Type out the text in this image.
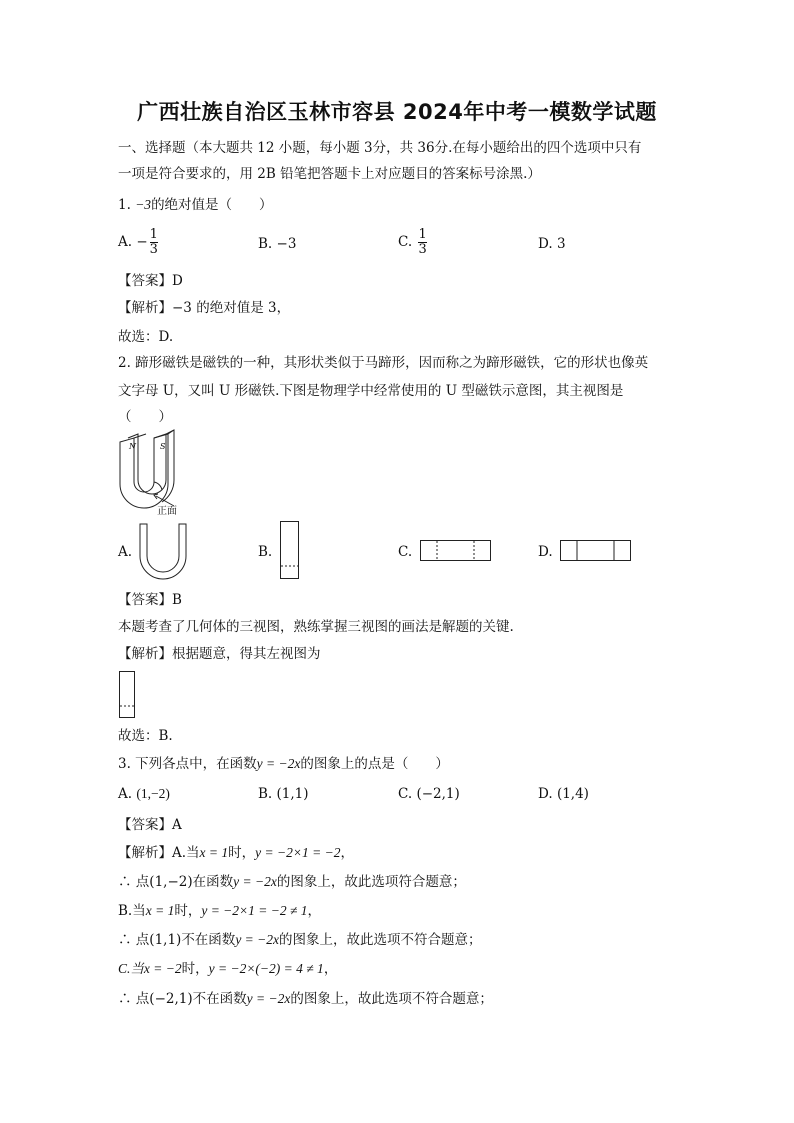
广西壮族自治区玉林市容县 2024年中考一模数学试题
一、选择题（本大题共 12 小题，每小题 3分，共 36分.在每小题给出的四个选项中只有
一项是符合要求的，用 2B 铅笔把答题卡上对应题目的答案标号涂黑.）
1. −3的绝对值是（　　）
A. − $\frac{1}{3}$	B. −3	C. $\frac{1}{3}$	D. 3
【答案】D
【解析】−3 的绝对值是 3，
故选：D.
2. 蹄形磁铁是磁铁的一种，其形状类似于马蹄形，因而称之为蹄形磁铁，它的形状也像英
文字母 U，又叫 U 形磁铁.下图是物理学中经常使用的 U 型磁铁示意图，其主视图是
（　　）
N	S
正面
A.	B.	C.	D.
【答案】B
本题考查了几何体的三视图，熟练掌握三视图的画法是解题的关键.
【解析】根据题意，得其左视图为
故选：B.
3. 下列各点中，在函数y = −2x的图象上的点是（　　）
A. (1,−2)	B. (1,1)	C. (−2,1)	D. (1,4)
【答案】A
【解析】A.当x = 1时，y = −2×1 = −2，
∴ 点(1,−2)在函数y = −2x的图象上，故此选项符合题意；
B.当x = 1时，y = −2×1 = −2 ≠ 1，
∴ 点(1,1)不在函数y = −2x的图象上，故此选项不符合题意；
C.当x = −2时，y = −2×(−2) = 4 ≠ 1，
∴ 点(−2,1)不在函数y = −2x的图象上，故此选项不符合题意；
